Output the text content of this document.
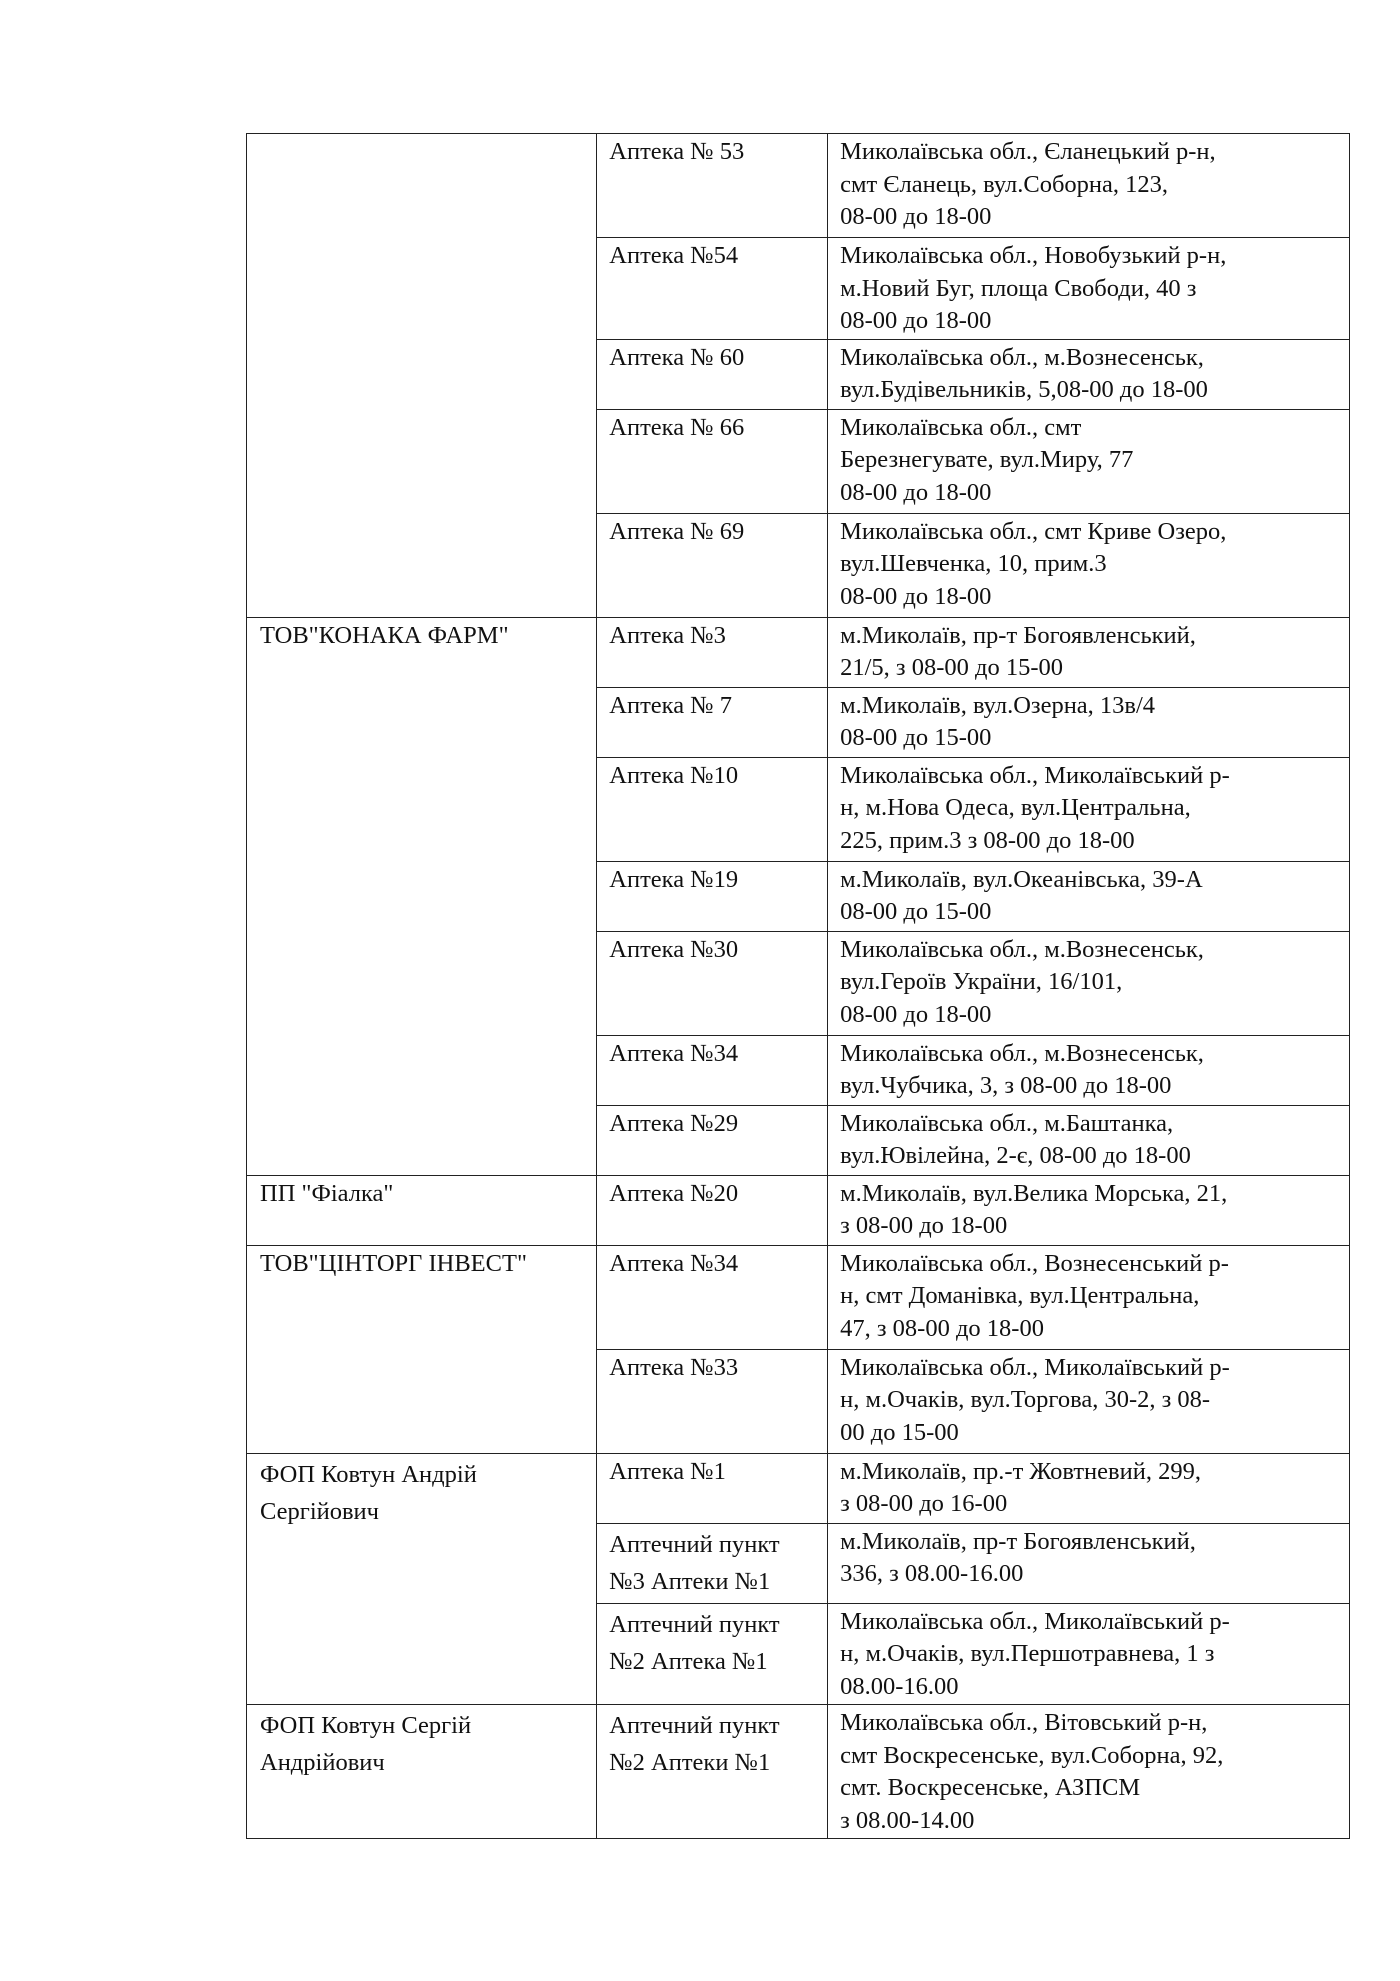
	Аптека № 53	Миколаївська обл., Єланецький р-н,
смт Єланець, вул.Соборна, 123,
08-00 до 18-00

	Аптека №54	Миколаївська обл., Новобузький р-н,
м.Новий Буг, площа Свободи, 40 з
08-00 до 18-00

	Аптека № 60	Миколаївська обл., м.Вознесенськ,
вул.Будівельників, 5,08-00 до 18-00

	Аптека № 66	Миколаївська обл., смт
Березнегувате, вул.Миру, 77
08-00 до 18-00

	Аптека № 69	Миколаївська обл., смт Криве Озеро,
вул.Шевченка, 10, прим.3
08-00 до 18-00

ТОВ"КОНАКА ФАРМ"	Аптека №3	м.Миколаїв, пр-т Богоявленський,
21/5, з 08-00 до 15-00

	Аптека № 7	м.Миколаїв, вул.Озерна, 13в/4
08-00 до 15-00

	Аптека №10	Миколаївська обл., Миколаївський р-
н, м.Нова Одеса, вул.Центральна,
225, прим.3 з 08-00 до 18-00

	Аптека №19	м.Миколаїв, вул.Океанівська, 39-А
08-00 до 15-00

	Аптека №30	Миколаївська обл., м.Вознесенськ,
вул.Героїв України, 16/101,
08-00 до 18-00

	Аптека №34	Миколаївська обл., м.Вознесенськ,
вул.Чубчика, 3, з 08-00 до 18-00

	Аптека №29	Миколаївська обл., м.Баштанка,
вул.Ювілейна, 2-є, 08-00 до 18-00

ПП "Фіалка"	Аптека №20	м.Миколаїв, вул.Велика Морська, 21,
з 08-00 до 18-00

ТОВ"ЦІНТОРГ ІНВЕСТ"	Аптека №34	Миколаївська обл., Вознесенський р-
н, смт Доманівка, вул.Центральна,
47, з 08-00 до 18-00

	Аптека №33	Миколаївська обл., Миколаївський р-
н, м.Очаків, вул.Торгова, 30-2, з 08-
00 до 15-00

ФОП Ковтун Андрій
Сергійович	Аптека №1	м.Миколаїв, пр.-т Жовтневий, 299,
з 08-00 до 16-00

	Аптечний пункт
№3 Аптеки №1	м.Миколаїв, пр-т Богоявленський,
336, з 08.00-16.00

	Аптечний пункт
№2 Аптека №1	Миколаївська обл., Миколаївський р-
н, м.Очаків, вул.Першотравнева, 1 з
08.00-16.00

ФОП Ковтун Сергій
Андрійович	Аптечний пункт
№2 Аптеки №1	Миколаївська обл., Вітовський р-н,
смт Воскресенське, вул.Соборна, 92,
смт. Воскресенське, АЗПСМ
з 08.00-14.00
